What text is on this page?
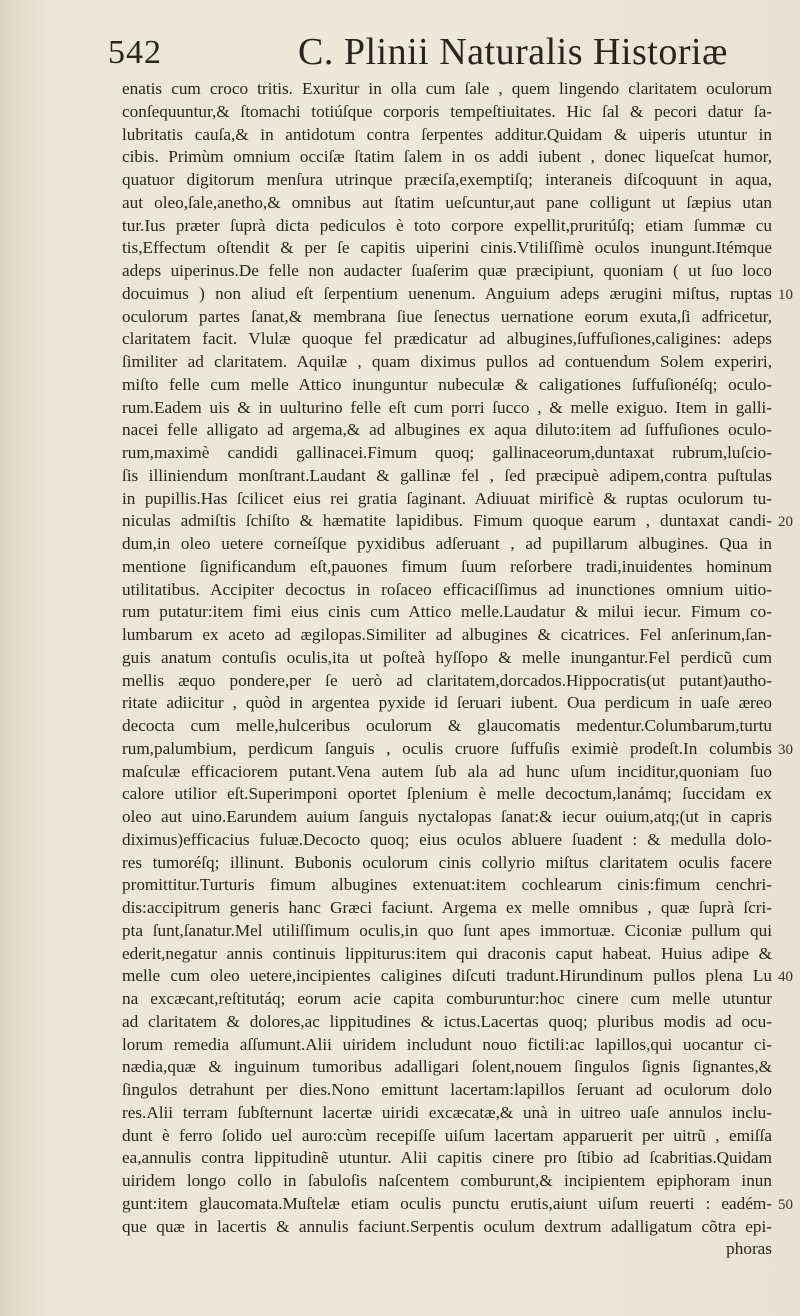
542	C. Plinii Naturalis Historiæ
enatis cum croco tritis. Exuritur in olla cum ſale , quem lingendo claritatem oculorum
conſequuntur,& ſtomachi totiúſque corporis tempeſtiuitates. Hic ſal & pecori datur ſa-
lubritatis cauſa,& in antidotum contra ſerpentes additur.Quidam & uiperis utuntur in
cibis. Primùm omnium occiſæ ſtatim ſalem in os addi iubent , donec liqueſcat humor,
quatuor digitorum menſura utrinque præciſa,exemptiſq; interaneis diſcoquunt in aqua,
aut oleo,ſale,anetho,& omnibus aut ſtatim ueſcuntur,aut pane colligunt ut ſæpius utan
tur.Ius præter ſuprà dicta pediculos è toto corpore expellit,pruritúſq; etiam ſummæ cu
tis,Effectum oſtendit & per ſe capitis uiperini cinis.Vtiliſſimè oculos inungunt.Itémque
adeps uiperinus.De felle non audacter ſuaſerim quæ præcipiunt, quoniam ( ut ſuo loco
docuimus ) non aliud eſt ſerpentium uenenum. Anguium adeps ærugini miſtus, ruptas
oculorum partes ſanat,& membrana ſiue ſenectus uernatione eorum exuta,ſi adfricetur,
claritatem facit. Vlulæ quoque fel prædicatur ad albugines,ſuffuſiones,caligines: adeps
ſimiliter ad claritatem. Aquilæ , quam diximus pullos ad contuendum Solem experiri,
miſto felle cum melle Attico inunguntur nubeculæ & caligationes ſuffuſionéſq; oculo-
rum.Eadem uis & in uulturino felle eſt cum porri ſucco , & melle exiguo. Item in galli-
nacei felle alligato ad argema,& ad albugines ex aqua diluto:item ad ſuffuſiones oculo-
rum,maximè candidi gallinacei.Fimum quoq; gallinaceorum,duntaxat rubrum,luſcio-
ſis illiniendum monſtrant.Laudant & gallinæ fel , ſed præcipuè adipem,contra puſtulas
in pupillis.Has ſcilicet eius rei gratia ſaginant. Adiuuat mirificè & ruptas oculorum tu-
niculas admiſtis ſchiſto & hæmatite lapidibus. Fimum quoque earum , duntaxat candi-
dum,in oleo uetere corneíſque pyxidibus adſeruant , ad pupillarum albugines. Qua in
mentione ſignificandum eſt,pauones fimum ſuum reſorbere tradi,inuidentes hominum
utilitatibus. Accipiter decoctus in roſaceo efficaciſſimus ad inunctiones omnium uitio-
rum putatur:item fimi eius cinis cum Attico melle.Laudatur & milui iecur. Fimum co-
lumbarum ex aceto ad ægilopas.Similiter ad albugines & cicatrices. Fel anſerinum,ſan-
guis anatum contuſis oculis,ita ut poſteà hyſſopo & melle inungantur.Fel perdicũ cum
mellis æquo pondere,per ſe uerò ad claritatem,dorcados.Hippocratis(ut putant)autho-
ritate adiicitur , quòd in argentea pyxide id ſeruari iubent. Oua perdicum in uaſe æreo
decocta cum melle,hulceribus oculorum & glaucomatis medentur.Columbarum,turtu
rum,palumbium, perdicum ſanguis , oculis cruore ſuffuſis eximiè prodeſt.In columbis
maſculæ efficaciorem putant.Vena autem ſub ala ad hunc uſum inciditur,quoniam ſuo
calore utilior eſt.Superimponi oportet ſplenium è melle decoctum,lanámq; ſuccidam ex
oleo aut uino.Earundem auium ſanguis nyctalopas ſanat:& iecur ouium,atq;(ut in capris
diximus)efficacius fuluæ.Decocto quoq; eius oculos abluere ſuadent : & medulla dolo-
res tumoréſq; illinunt. Bubonis oculorum cinis collyrio miſtus claritatem oculis facere
promittitur.Turturis fimum albugines extenuat:item cochlearum cinis:fimum cenchri-
dis:accipitrum generis hanc Græci faciunt. Argema ex melle omnibus , quæ ſuprà ſcri-
pta ſunt,ſanatur.Mel utiliſſimum oculis,in quo ſunt apes immortuæ. Ciconiæ pullum qui
ederit,negatur annis continuis lippiturus:item qui draconis caput habeat. Huius adipe &
melle cum oleo uetere,incipientes caligines diſcuti tradunt.Hirundinum pullos plena Lu
na excæcant,reſtitutáq; eorum acie capita comburuntur:hoc cinere cum melle utuntur
ad claritatem & dolores,ac lippitudines & ictus.Lacertas quoq; pluribus modis ad ocu-
lorum remedia aſſumunt.Alii uiridem includunt nouo fictili:ac lapillos,qui uocantur ci-
nædia,quæ & inguinum tumoribus adalligari ſolent,nouem ſingulos ſignis ſignantes,&
ſingulos detrahunt per dies.Nono emittunt lacertam:lapillos ſeruant ad oculorum dolo
res.Alii terram ſubſternunt lacertæ uiridi excæcatæ,& unà in uitreo uaſe annulos inclu-
dunt è ferro ſolido uel auro:cùm recepiſſe uiſum lacertam apparuerit per uitrũ , emiſſa
ea,annulis contra lippitudinẽ utuntur. Alii capitis cinere pro ſtibio ad ſcabritias.Quidam
uiridem longo collo in ſabuloſis naſcentem comburunt,& incipientem epiphoram inun
gunt:item glaucomata.Muſtelæ etiam oculis punctu erutis,aiunt uiſum reuerti : eadém-
que quæ in lacertis & annulis faciunt.Serpentis oculum dextrum adalligatum cõtra epi-
phoras
10
20
30
40
50
